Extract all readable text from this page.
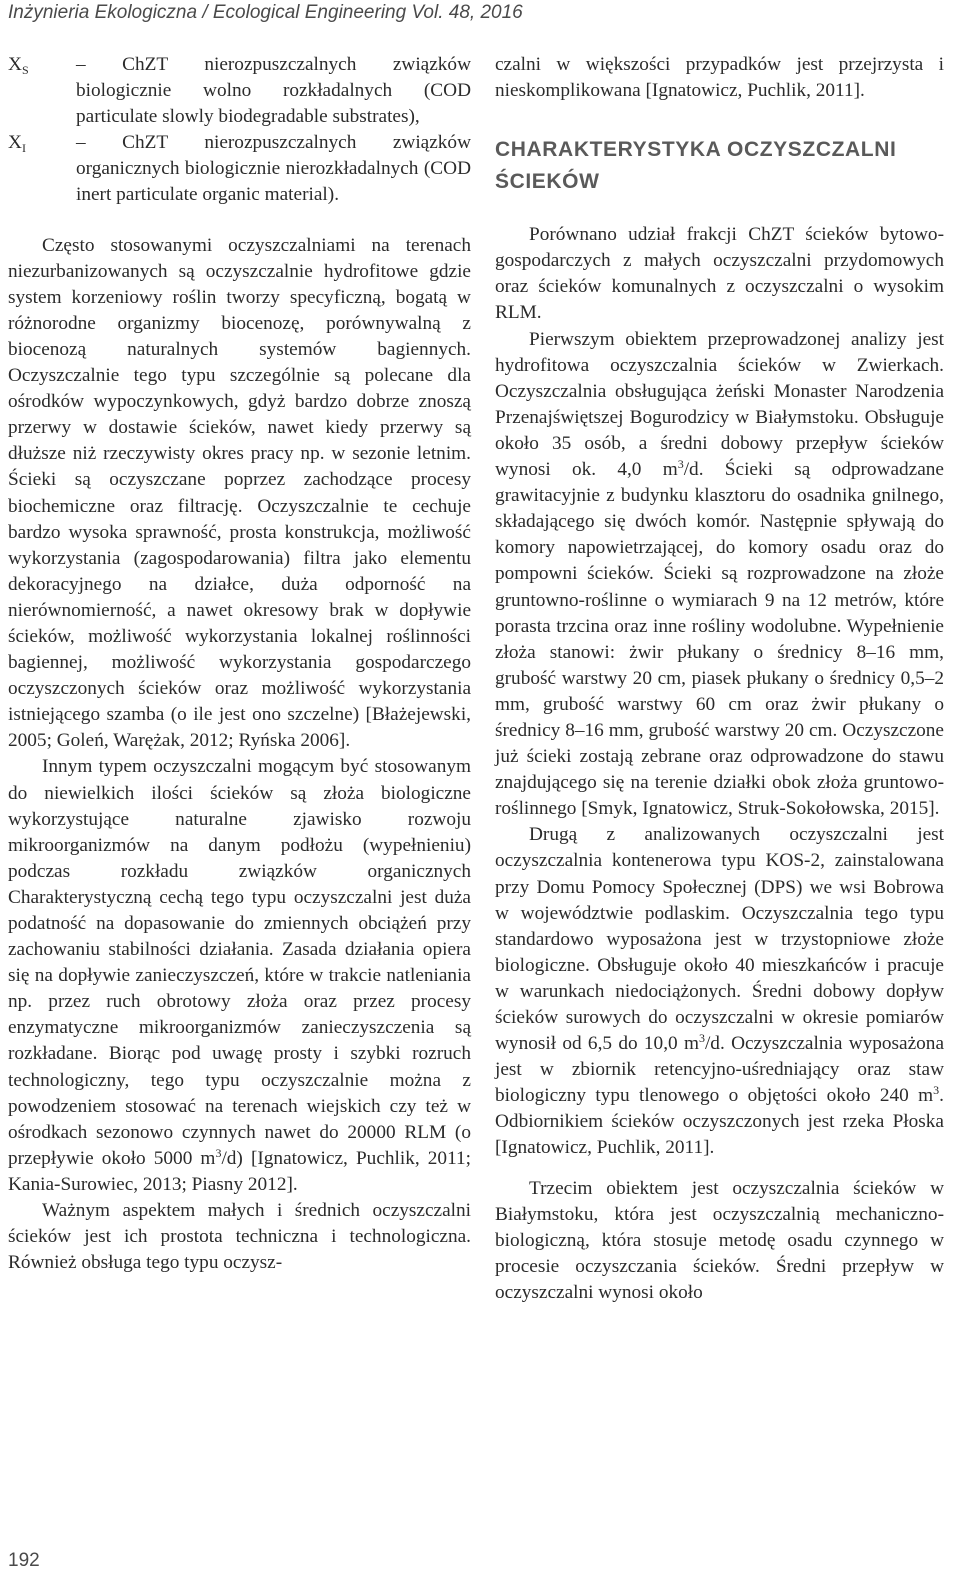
Inżynieria Ekologiczna / Ecological Engineering Vol. 48, 2016
$X_S$ – ChZT nierozpuszczalnych związków biologicznie wolno rozkładalnych (COD particulate slowly biodegradable substrates),

$X_I$	– ChZT nierozpuszczalnych związków organicznych biologicznie nierozkładalnych (COD inert particulate organic material).

Często stosowanymi oczyszczalniami na terenach niezurbanizowanych są oczyszczalnie hydrofitowe gdzie system korzeniowy roślin tworzy specyficzną, bogatą w różnorodne organizmy biocenozę, porównywalną z biocenozą naturalnych systemów bagiennych. Oczyszczalnie tego typu szczególnie są polecane dla ośrodków wypoczynkowych, gdyż bardzo dobrze znoszą przerwy w dostawie ścieków, nawet kiedy przerwy są dłuższe niż rzeczywisty okres pracy np. w sezonie letnim. Ścieki są oczyszczane poprzez zachodzące procesy biochemiczne oraz filtrację. Oczyszczalnie te cechuje bardzo wysoka sprawność, prosta konstrukcja, możliwość wykorzystania (zagospodarowania) filtra jako elementu dekoracyjnego na działce, duża odporność na nierównomierność, a nawet okresowy brak w dopływie ścieków, możliwość wykorzystania lokalnej roślinności bagiennej, możliwość wykorzystania gospodarczego oczyszczonych ścieków oraz możliwość wykorzystania istniejącego szamba (o ile jest ono szczelne) [Błażejewski, 2005; Goleń, Warężak, 2012; Ryńska 2006].

Innym typem oczyszczalni mogącym być stosowanym do niewielkich ilości ścieków są złoża biologiczne wykorzystujące naturalne zjawisko rozwoju mikroorganizmów na danym podłożu (wypełnieniu) podczas rozkładu związków organicznych Charakterystyczną cechą tego typu oczyszczalni jest duża podatność na dopasowanie do zmiennych obciążeń przy zachowaniu stabilności działania. Zasada działania opiera się na dopływie zanieczyszczeń, które w trakcie natleniania np. przez ruch obrotowy złoża oraz przez procesy enzymatyczne mikroorganizmów zanieczyszczenia są rozkładane. Biorąc pod uwagę prosty i szybki rozruch technologiczny, tego typu oczyszczalnie można z powodzeniem stosować na terenach wiejskich czy też w ośrodkach sezonowo czynnych nawet do 20000 RLM (o przepływie około 5000 $m^3/d$) [Ignatowicz, Puchlik, 2011; Kania-Surowiec, 2013; Piasny 2012].

Ważnym aspektem małych i średnich oczyszczalni ścieków jest ich prostota techniczna i technologiczna. Również obsługa tego typu oczysz-

czalni w większości przypadków jest przejrzysta i nieskomplikowana [Ignatowicz, Puchlik, 2011].

CHARAKTERYSTYKA OCZYSZCZALNI ŚCIEKÓW

Porównano udział frakcji ChZT ścieków bytowo-gospodarczych z małych oczyszczalni przydomowych oraz ścieków komunalnych z oczyszczalni o wysokim RLM.

Pierwszym obiektem przeprowadzonej analizy jest hydrofitowa oczyszczalnia ścieków w Zwierkach. Oczyszczalnia obsługująca żeński Monaster Narodzenia Przenajświętszej Bogurodzicy w Białymstoku. Obsługuje około 35 osób, a średni dobowy przepływ ścieków wynosi ok. 4,0 $m^3/d$. Ścieki są odprowadzane grawitacyjnie z budynku klasztoru do osadnika gnilnego, składającego się dwóch komór. Następnie spływają do komory napowietrzającej, do komory osadu oraz do pompowni ścieków. Ścieki są rozprowadzone na złoże gruntowno-roślinne o wymiarach 9 na 12 metrów, które porasta trzcina oraz inne rośliny wodolubne. Wypełnienie złoża stanowi: żwir płukany o średnicy 8–16 mm, grubość warstwy 20 cm, piasek płukany o średnicy 0,5–2 mm, grubość warstwy 60 cm oraz żwir płukany o średnicy 8–16 mm, grubość warstwy 20 cm. Oczyszczone już ścieki zostają zebrane oraz odprowadzone do stawu znajdującego się na terenie działki obok złoża gruntowo-roślinnego [Smyk, Ignatowicz, Struk-Sokołowska, 2015].

Drugą z analizowanych oczyszczalni jest oczyszczalnia kontenerowa typu KOS-2, zainstalowana przy Domu Pomocy Społecznej (DPS) we wsi Bobrowa w województwie podlaskim. Oczyszczalnia tego typu standardowo wyposażona jest w trzystopniowe złoże biologiczne. Obsługuje około 40 mieszkańców i pracuje w warunkach niedociążonych. Średni dobowy dopływ ścieków surowych do oczyszczalni w okresie pomiarów wynosił od 6,5 do 10,0 $m^3/d$. Oczyszczalnia wyposażona jest w zbiornik retencyjno-uśredniający oraz staw biologiczny typu tlenowego o objętości około 240 $m^3$. Odbiornikiem ścieków oczyszczonych jest rzeka Płoska [Ignatowicz, Puchlik, 2011].

Trzecim obiektem jest oczyszczalnia ścieków w Białymstoku, która jest oczyszczalnią mechaniczno-biologiczną, która stosuje metodę osadu czynnego w procesie oczyszczania ścieków. Średni przepływ w oczyszczalni wynosi około

192
